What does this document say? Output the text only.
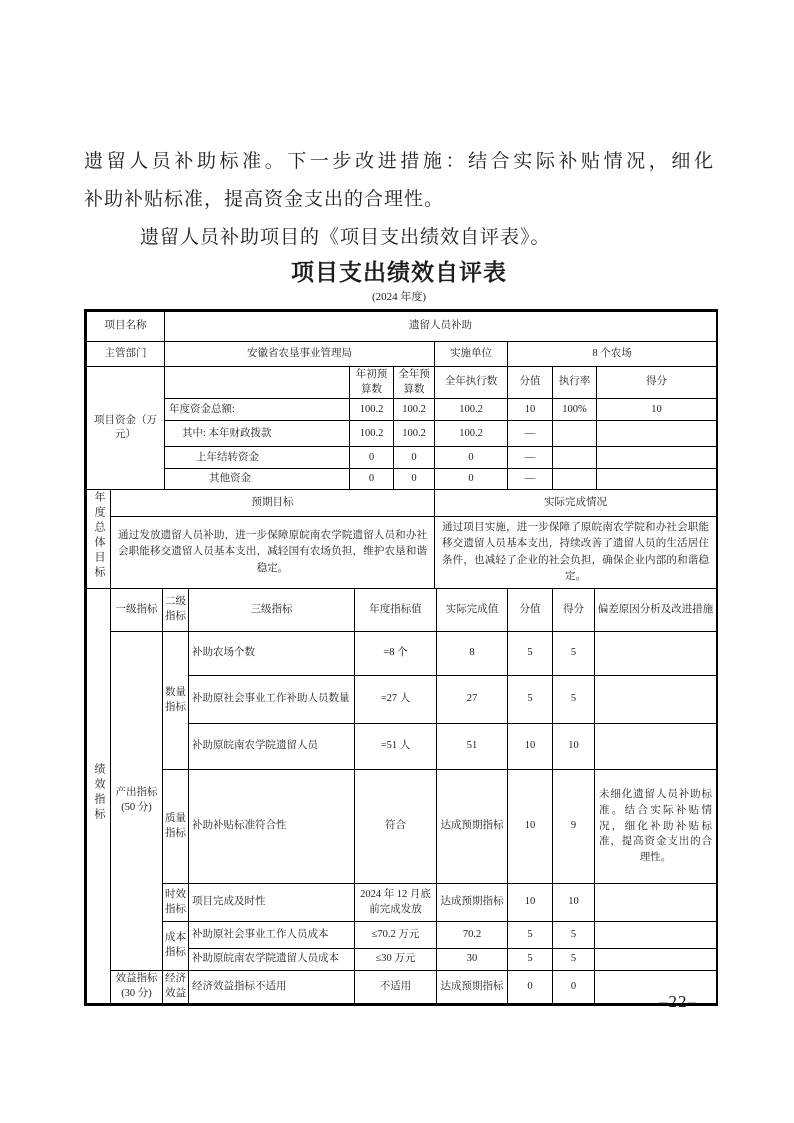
遗留人员补助标准。下一步改进措施：结合实际补贴情况，细化
补助补贴标准，提高资金支出的合理性。
遗留人员补助项目的《项目支出绩效自评表》。
项目支出绩效自评表
(2024 年度)
项目名称	遗留人员补助						
主管部门	安徽省农垦事业管理局			实施单位	8 个农场		
项目资金（万元）		年初预算数	全年预算数	全年执行数	分值	执行率	得分
	年度资金总额:	100.2	100.2	100.2	10	100%	10
	其中: 本年财政拨款	100.2	100.2	100.2	—		
	上年结转资金	0	0	0	—		
	其他资金	0	0	0	—		
年度总体目标	预期目标	实际完成情况
	通过发放遗留人员补助，进一步保障原皖南农学院遗留人员和办社会职能移交遗留人员基本支出，减轻国有农场负担，维护农垦和谐稳定。	通过项目实施，进一步保障了原皖南农学院和办社会职能移交遗留人员基本支出，持续改善了遗留人员的生活居住条件，也减轻了企业的社会负担，确保企业内部的和谐稳定。
绩效指标	一级指标	二级指标	三级指标	年度指标值	实际完成值	分值	得分	偏差原因分析及改进措施
	产出指标(50 分)	数量指标	补助农场个数	=8 个	8	5	5	
			补助原社会事业工作补助人员数量	=27 人	27	5	5	
			补助原皖南农学院遗留人员	=51 人	51	10	10	
		质量指标	补助补贴标准符合性	符合	达成预期指标	10	9	未细化遗留人员补助标准。结合实际补贴情况，细化补助补贴标准，提高资金支出的合理性。
		时效指标	项目完成及时性	2024 年 12 月底前完成发放	达成预期指标	10	10	
		成本指标	补助原社会事业工作人员成本	≤70.2 万元	70.2	5	5	
			补助原皖南农学院遗留人员成本	≤30 万元	30	5	5	
	效益指标(30 分)	经济效益	经济效益指标不适用	不适用	达成预期指标	0	0	
–22–
